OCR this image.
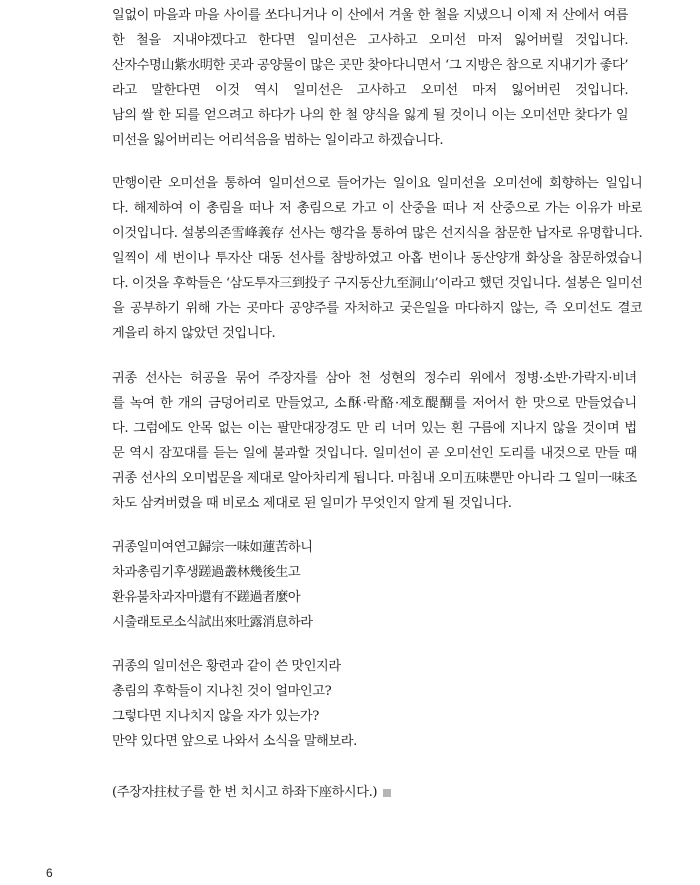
일없이 마을과 마을 사이를 쏘다니거나 이 산에서 겨울 한 철을 지냈으니 이제 저 산에서 여름
한 철을 지내야겠다고 한다면 일미선은 고사하고 오미선 마저 잃어버릴 것입니다.
산자수명山紫水明한 곳과 공양물이 많은 곳만 찾아다니면서 ‘그 지방은 참으로 지내기가 좋다’
라고 말한다면 이것 역시 일미선은 고사하고 오미선 마저 잃어버린 것입니다.
남의 쌀 한 되를 얻으려고 하다가 나의 한 철 양식을 잃게 될 것이니 이는 오미선만 찾다가 일
미선을 잃어버리는 어리석음을 범하는 일이라고 하겠습니다.
만행이란 오미선을 통하여 일미선으로 들어가는 일이요 일미선을 오미선에 회향하는 일입니
다. 해제하여 이 총림을 떠나 저 총림으로 가고 이 산중을 떠나 저 산중으로 가는 이유가 바로
이것입니다. 설봉의존雪峰義存 선사는 행각을 통하여 많은 선지식을 참문한 납자로 유명합니다.
일찍이 세 번이나 투자산 대동 선사를 참방하였고 아홉 번이나 동산양개 화상을 참문하였습니
다. 이것을 후학들은 ‘삼도투자三到投子 구지동산九至洞山’이라고 했던 것입니다. 설봉은 일미선
을 공부하기 위해 가는 곳마다 공양주를 자처하고 궂은일을 마다하지 않는, 즉 오미선도 결코
게을리 하지 않았던 것입니다.
귀종 선사는 허공을 묶어 주장자를 삼아 천 성현의 정수리 위에서 정병·소반·가락지·비녀
를 녹여 한 개의 금덩어리로 만들었고, 소酥·락酪·제호醍醐를 저어서 한 맛으로 만들었습니
다. 그럼에도 안목 없는 이는 팔만대장경도 만 리 너머 있는 흰 구름에 지나지 않을 것이며 법
문 역시 잠꼬대를 듣는 일에 불과할 것입니다. 일미선이 곧 오미선인 도리를 내것으로 만들 때
귀종 선사의 오미법문을 제대로 알아차리게 됩니다. 마침내 오미五味뿐만 아니라 그 일미一味조
차도 삼켜버렸을 때 비로소 제대로 된 일미가 무엇인지 알게 될 것입니다.
귀종일미여연고歸宗一味如蓮苦하니
차과총림기후생蹉過叢林幾後生고
환유불차과자마還有不蹉過者麼아
시출래토로소식試出來吐露消息하라
귀종의 일미선은 황련과 같이 쓴 맛인지라
총림의 후학들이 지나친 것이 얼마인고?
그렇다면 지나치지 않을 자가 있는가?
만약 있다면 앞으로 나와서 소식을 말해보라.
(주장자拄杖子를 한 번 치시고 하좌下座하시다.)
6
